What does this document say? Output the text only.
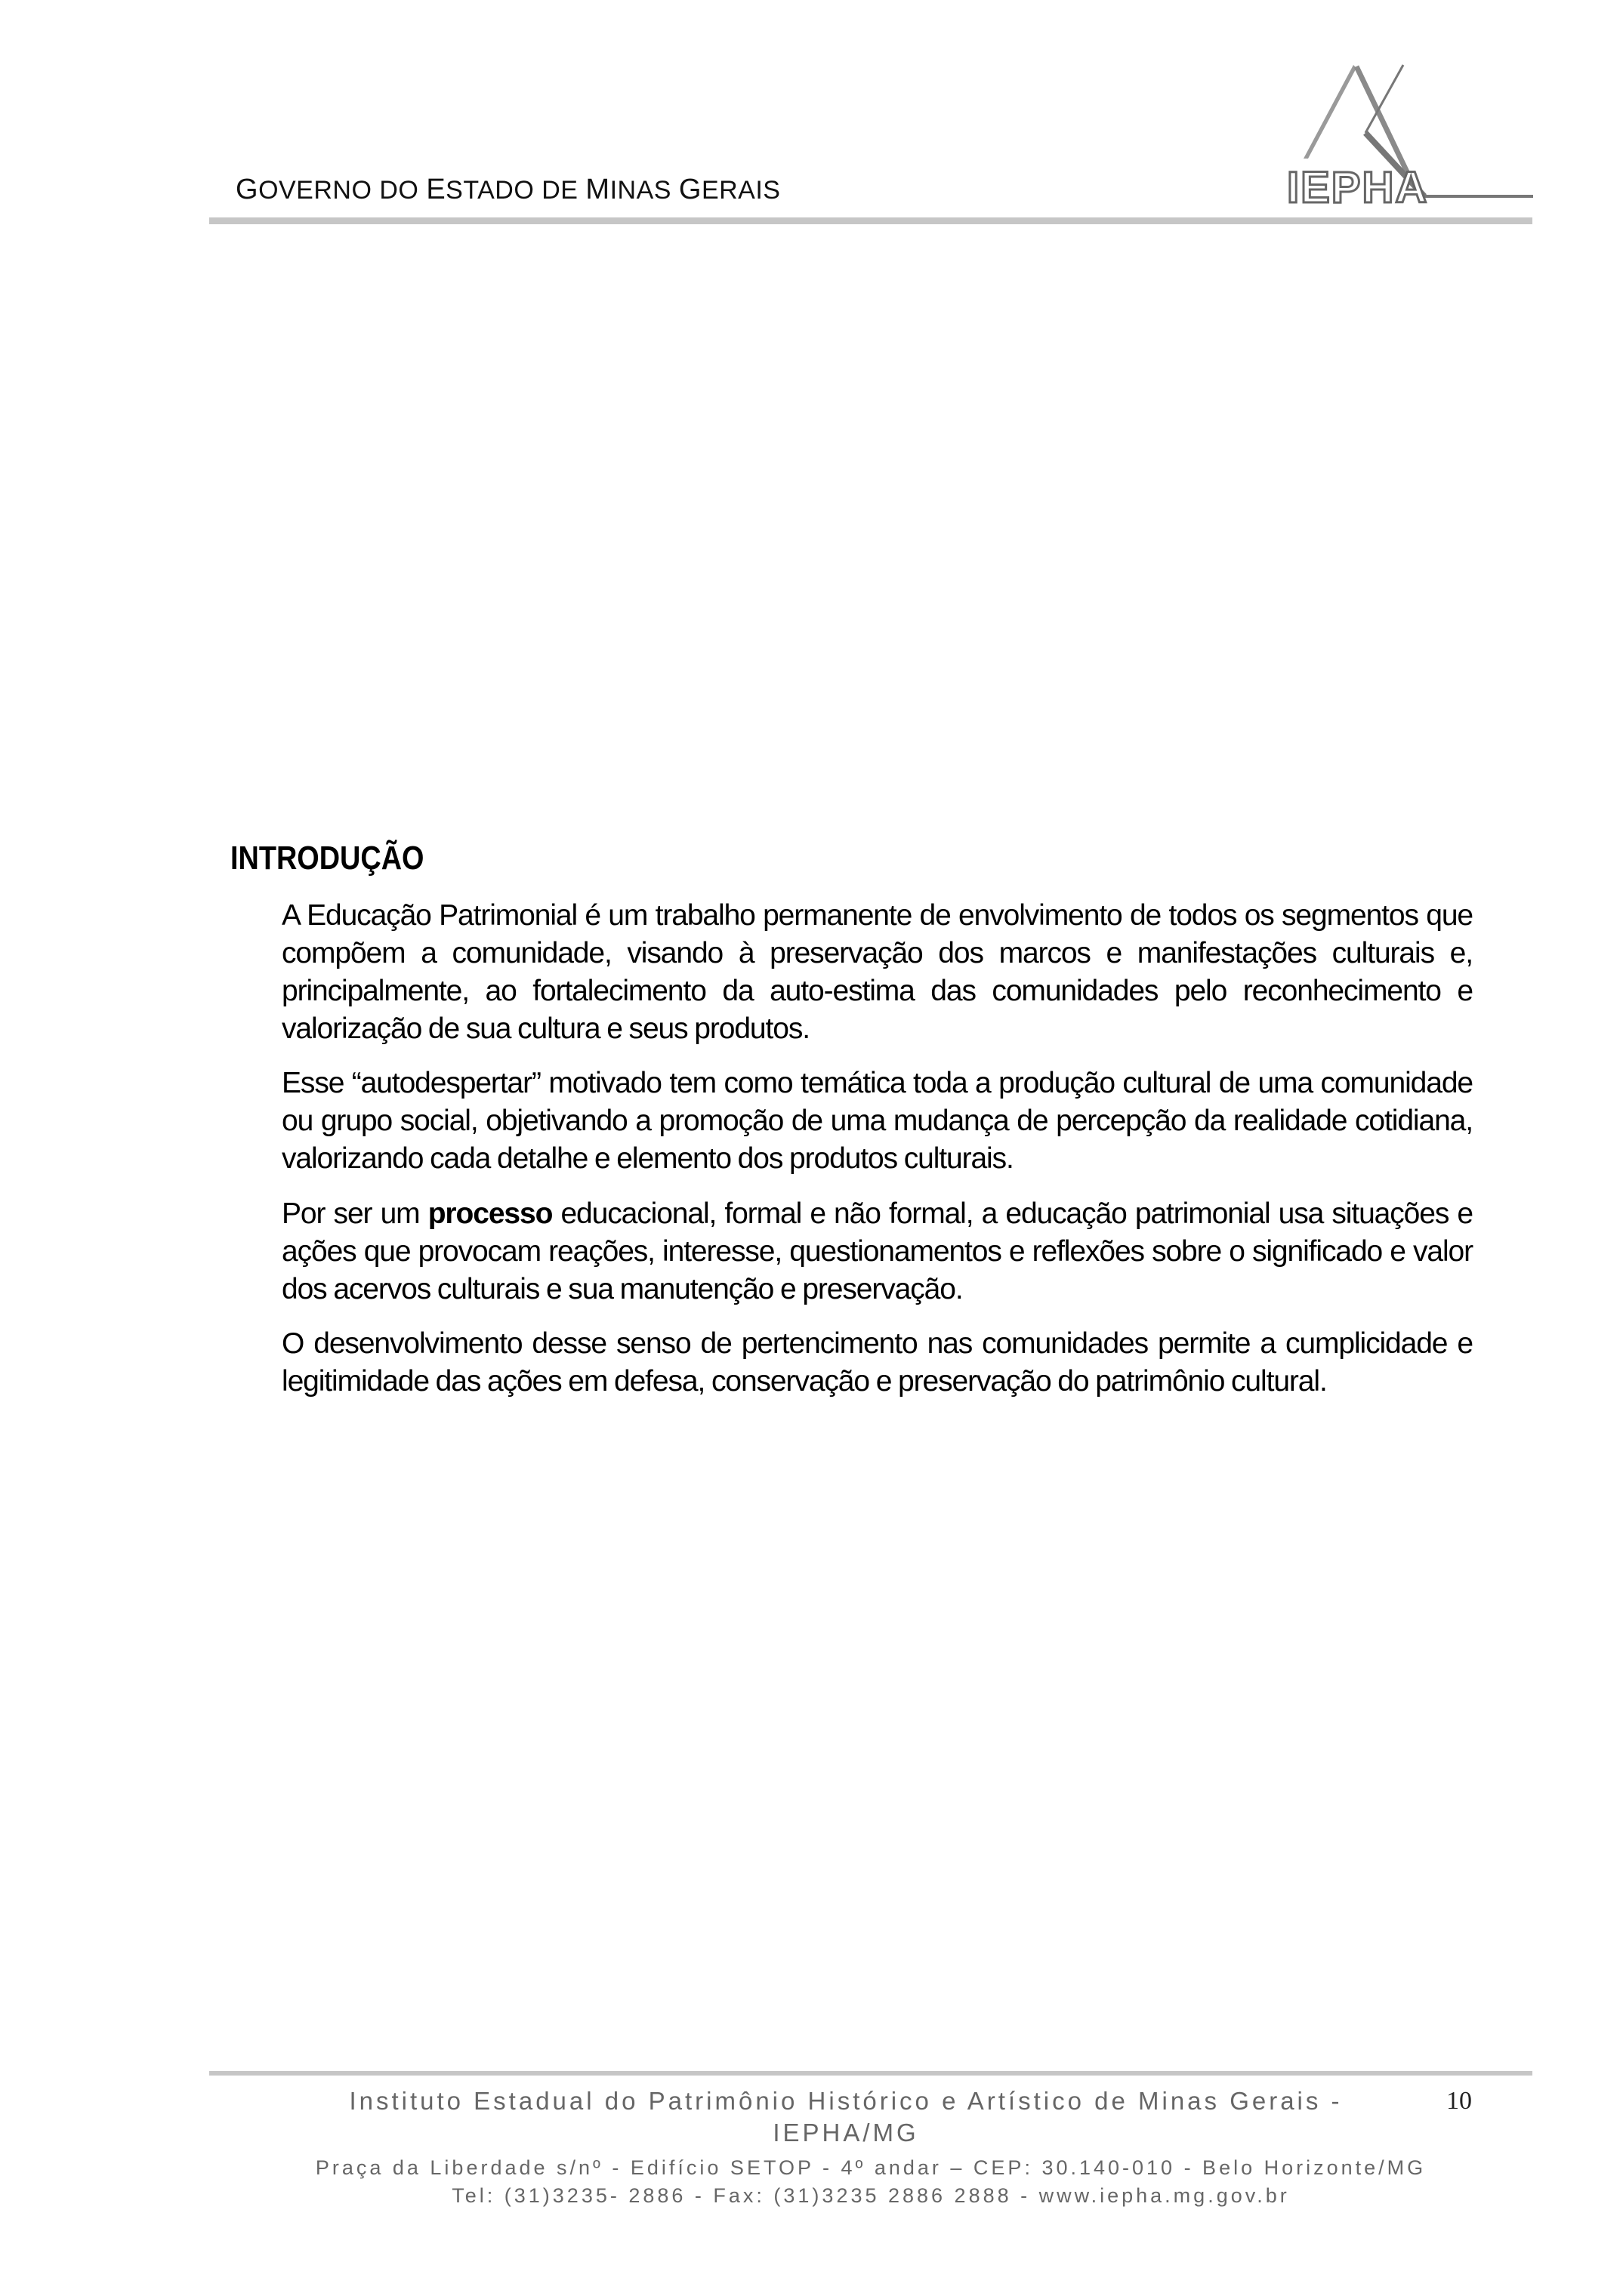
GOVERNO DO ESTADO DE MINAS GERAIS	IEPHA
INTRODUÇÃO
A Educação Patrimonial é um trabalho permanente de envolvimento de todos os segmentos que compõem a comunidade, visando à preservação dos marcos e manifestações culturais e, principalmente, ao fortalecimento da auto-estima das comunidades pelo reconhecimento e valorização de sua cultura e seus produtos.
Esse “autodespertar” motivado tem como temática toda a produção cultural de uma comunidade ou grupo social, objetivando a promoção de uma mudança de percepção da realidade cotidiana, valorizando cada detalhe e elemento dos produtos culturais.
Por ser um processo educacional, formal e não formal, a educação patrimonial usa situações e ações que provocam reações, interesse, questionamentos e reflexões sobre o significado e valor dos acervos culturais e sua manutenção e preservação.
O desenvolvimento desse senso de pertencimento nas comunidades permite a cumplicidade e legitimidade das ações em defesa, conservação e preservação do patrimônio cultural.
Instituto Estadual do Patrimônio Histórico e Artístico de Minas Gerais -
IEPHA/MG
10
Praça da Liberdade s/nº - Edifício SETOP - 4º andar – CEP: 30.140-010 - Belo Horizonte/MG
Tel: (31)3235- 2886 - Fax: (31)3235 2886 2888 - www.iepha.mg.gov.br
